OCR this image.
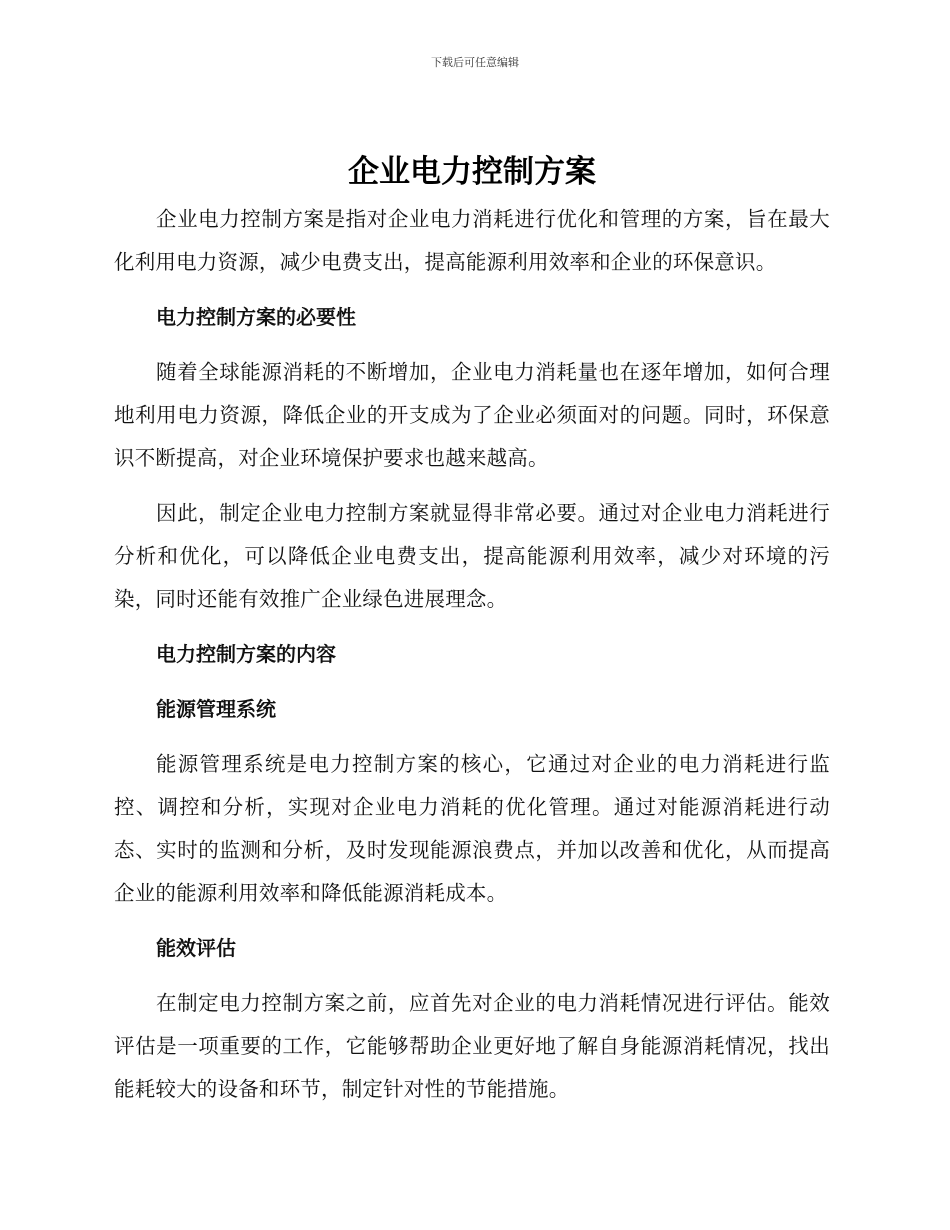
下载后可任意编辑
企业电力控制方案

企业电力控制方案是指对企业电力消耗进行优化和管理的方案，旨在最大化利用电力资源，减少电费支出，提高能源利用效率和企业的环保意识。

电力控制方案的必要性

随着全球能源消耗的不断增加，企业电力消耗量也在逐年增加，如何合理地利用电力资源，降低企业的开支成为了企业必须面对的问题。同时，环保意识不断提高，对企业环境保护要求也越来越高。

因此，制定企业电力控制方案就显得非常必要。通过对企业电力消耗进行分析和优化，可以降低企业电费支出，提高能源利用效率，减少对环境的污染，同时还能有效推广企业绿色进展理念。

电力控制方案的内容
能源管理系统

能源管理系统是电力控制方案的核心，它通过对企业的电力消耗进行监控、调控和分析，实现对企业电力消耗的优化管理。通过对能源消耗进行动态、实时的监测和分析，及时发现能源浪费点，并加以改善和优化，从而提高企业的能源利用效率和降低能源消耗成本。

能效评估

在制定电力控制方案之前，应首先对企业的电力消耗情况进行评估。能效评估是一项重要的工作，它能够帮助企业更好地了解自身能源消耗情况，找出能耗较大的设备和环节，制定针对性的节能措施。
